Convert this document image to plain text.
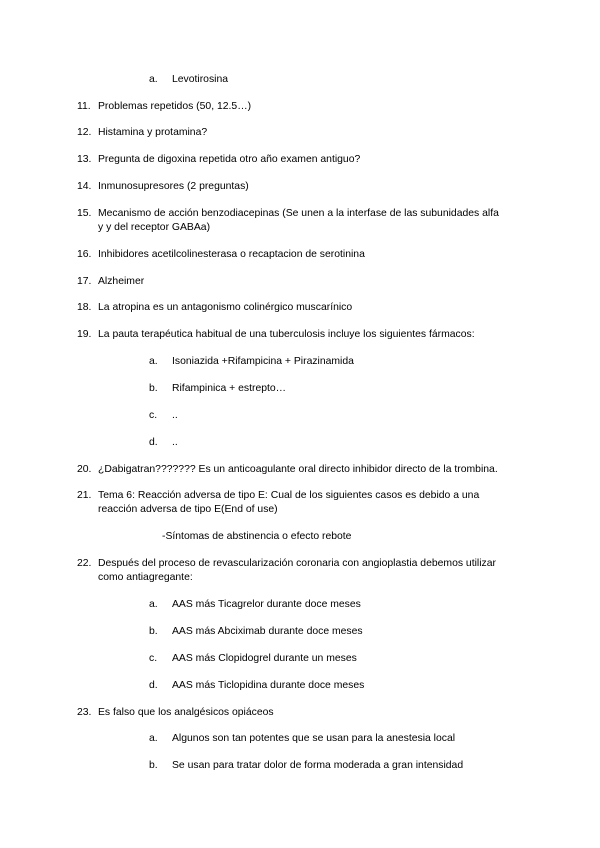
a. Levotirosina
11. Problemas repetidos (50, 12.5…)
12. Histamina y protamina?
13. Pregunta de digoxina repetida otro año examen antiguo?
14. Inmunosupresores (2 preguntas)
15. Mecanismo de acción benzodiacepinas (Se unen a la interfase de las subunidades alfa
y y del receptor GABAa)
16. Inhibidores acetilcolinesterasa o recaptacion de serotinina
17. Alzheimer
18. La atropina es un antagonismo colinérgico muscarínico
19. La pauta terapéutica habitual de una tuberculosis incluye los siguientes fármacos:
a. Isoniazida +Rifampicina + Pirazinamida
b. Rifampinica + estrepto…
c. ..
d. ..
20. ¿Dabigatran??????? Es un anticoagulante oral directo inhibidor directo de la trombina.
21. Tema 6: Reacción adversa de tipo E: Cual de los siguientes casos es debido a una
reacción adversa de tipo E(End of use)
-Síntomas de abstinencia o efecto rebote
22. Después del proceso de revascularización coronaria con angioplastia debemos utilizar
como antiagregante:
a. AAS más Ticagrelor durante doce meses
b. AAS más Abciximab durante doce meses
c. AAS más Clopidogrel durante un meses
d. AAS más Ticlopidina durante doce meses
23. Es falso que los analgésicos opiáceos
a. Algunos son tan potentes que se usan para la anestesia local
b. Se usan para tratar dolor de forma moderada a gran intensidad
